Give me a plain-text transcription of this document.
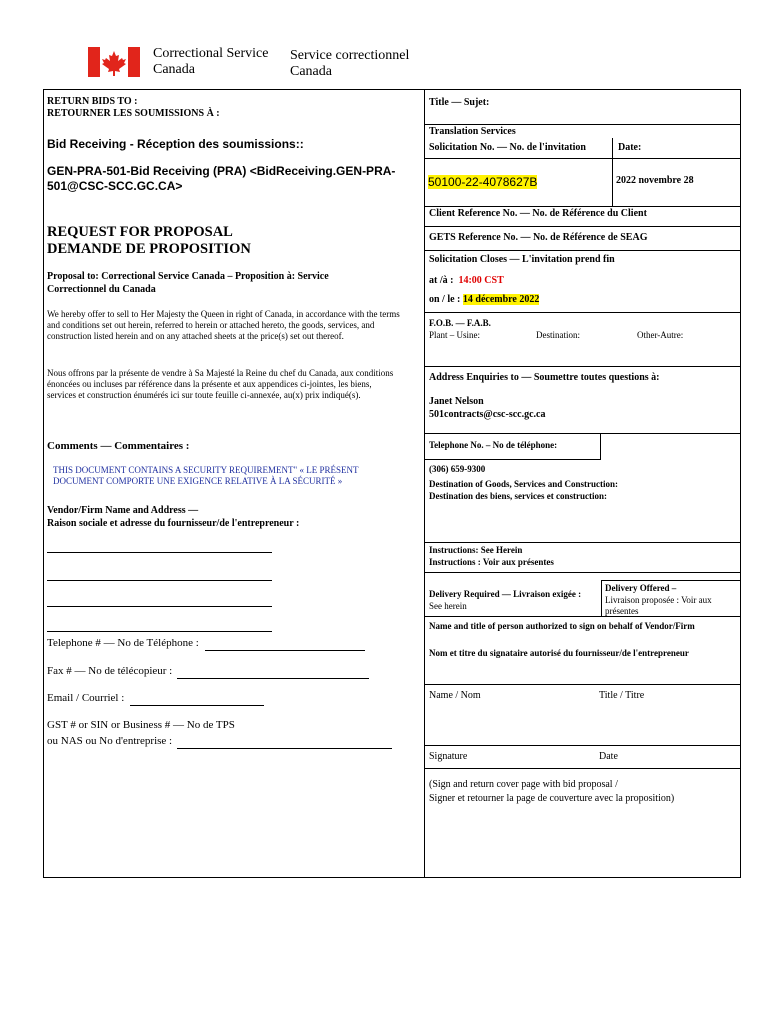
Correctional Service
Canada
Service correctionnel
Canada
RETURN BIDS TO :
RETOURNER LES SOUMISSIONS À :
Bid Receiving - Réception des soumissions::
GEN-PRA-501-Bid Receiving (PRA) <BidReceiving.GEN-PRA-501@CSC-SCC.GC.CA>
REQUEST FOR PROPOSAL
DEMANDE DE PROPOSITION
Proposal to: Correctional Service Canada – Proposition à: Service Correctionnel du Canada
We hereby offer to sell to Her Majesty the Queen in right of Canada, in accordance with the terms and conditions set out herein, referred to herein or attached hereto, the goods, services, and construction listed herein and on any attached sheets at the price(s) set out thereof.
Nous offrons par la présente de vendre à Sa Majesté la Reine du chef du Canada, aux conditions énoncées ou incluses par référence dans la présente et aux appendices ci-jointes, les biens, services et construction énumérés ici sur toute feuille ci-annexée, au(x) prix indiqué(s).
Comments — Commentaires :
THIS DOCUMENT CONTAINS A SECURITY REQUIREMENT" « LE PRÉSENT DOCUMENT COMPORTE UNE EXIGENCE RELATIVE À LA SÉCURITÉ »
Vendor/Firm Name and Address —
Raison sociale et adresse du fournisseur/de l'entrepreneur :
Telephone # — No de Téléphone :
Fax # — No de télécopieur :
Email / Courriel :
GST # or SIN or Business # — No de TPS
ou NAS ou No d'entreprise :
Title — Sujet:
Translation Services
Solicitation No. — No. de l'invitation	Date:
50100-22-4078627B	2022 novembre 28
Client Reference No. — No. de Référence du Client
GETS Reference No. — No. de Référence de SEAG
Solicitation Closes — L'invitation prend fin
at /à : 14:00 CST
on / le : 14 décembre 2022
F.O.B. — F.A.B.
Plant – Usine:	Destination:	Other-Autre:
Address Enquiries to — Soumettre toutes questions à:
Janet Nelson
501contracts@csc-scc.gc.ca
Telephone No. – No de téléphone:
(306) 659-9300
Destination of Goods, Services and Construction:
Destination des biens, services et construction:
Instructions: See Herein
Instructions : Voir aux présentes
Delivery Required — Livraison exigée :
See herein
Delivery Offered –
Livraison proposée : Voir aux présentes
Name and title of person authorized to sign on behalf of Vendor/Firm
Nom et titre du signataire autorisé du fournisseur/de l'entrepreneur
Name / Nom	Title / Titre
Signature	Date
(Sign and return cover page with bid proposal /
Signer et retourner la page de couverture avec la proposition)
